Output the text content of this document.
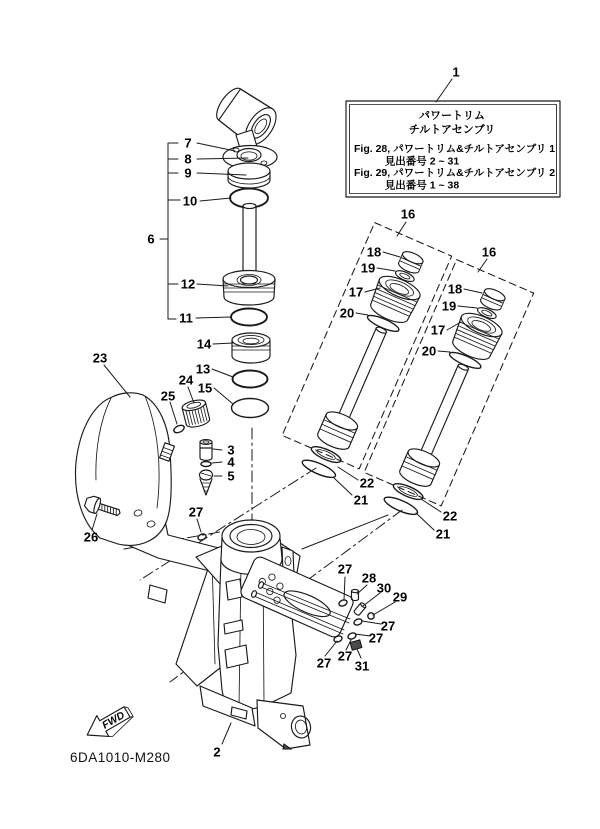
FWD
6DA1010-M280
1
7
8
9
10
6
12
11
14
13
15
23
24
25
26
3
4
5
27
16
16
18
19
17
20
18
19
17
20
22
21
22
21
2
27
28
30
29
27
27
27
27 31
パワートリム
チルトアセンブリ
Fig. 28, パワートリム&チルトアセンブリ 1
見出番号 2 ~ 31
Fig. 29, パワートリム&チルトアセンブリ 2
見出番号 1 ~ 38
